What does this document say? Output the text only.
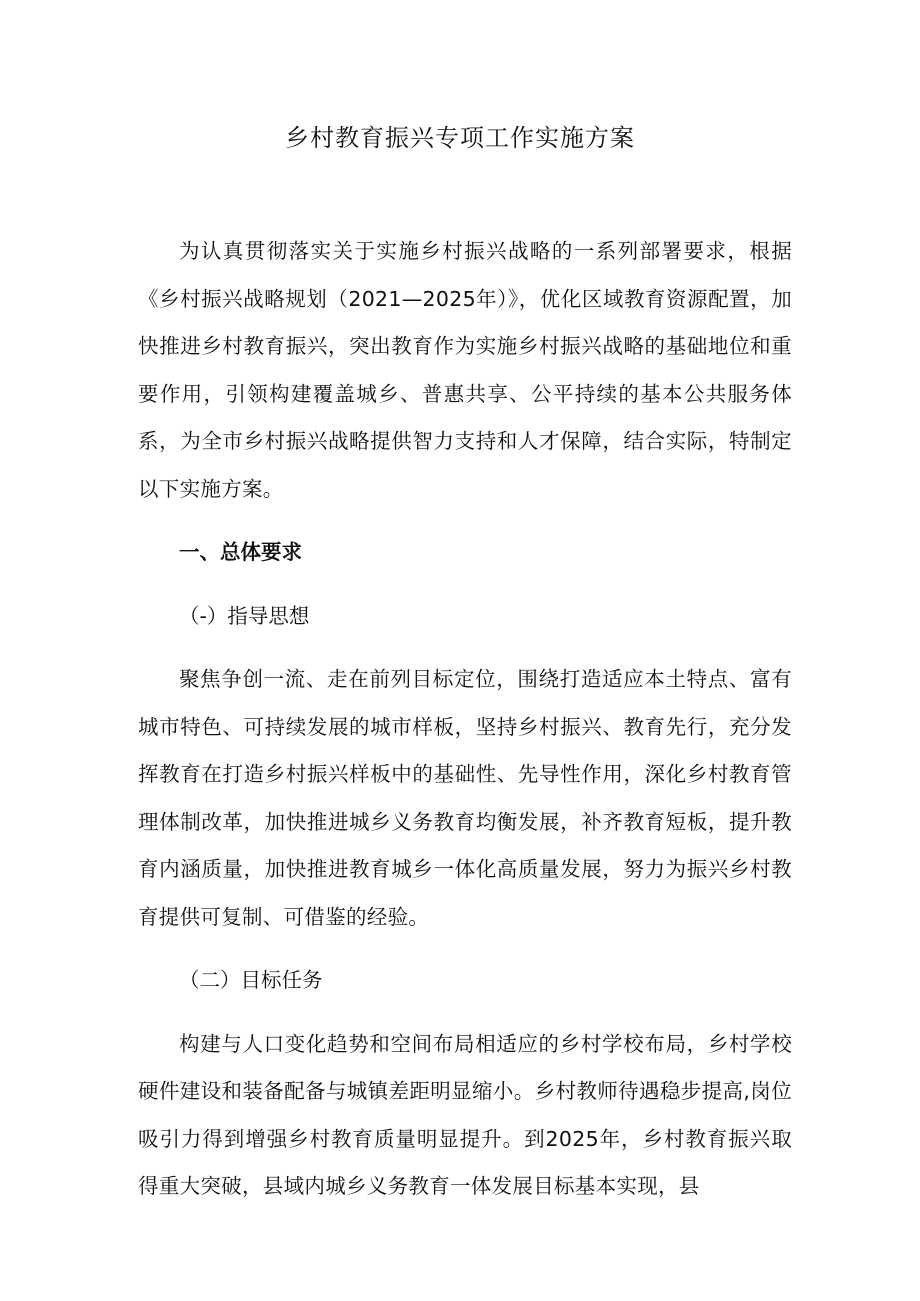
乡村教育振兴专项工作实施方案

为认真贯彻落实关于实施乡村振兴战略的一系列部署要求，根据《乡村振兴战略规划（2021—2025年）》，优化区域教育资源配置，加快推进乡村教育振兴，突出教育作为实施乡村振兴战略的基础地位和重要作用，引领构建覆盖城乡、普惠共享、公平持续的基本公共服务体系，为全市乡村振兴战略提供智力支持和人才保障，结合实际，特制定以下实施方案。

一、总体要求

（-）指导思想

聚焦争创一流、走在前列目标定位，围绕打造适应本土特点、富有城市特色、可持续发展的城市样板，坚持乡村振兴、教育先行，充分发挥教育在打造乡村振兴样板中的基础性、先导性作用，深化乡村教育管理体制改革，加快推进城乡义务教育均衡发展，补齐教育短板，提升教育内涵质量，加快推进教育城乡一体化高质量发展，努力为振兴乡村教育提供可复制、可借鉴的经验。

（二）目标任务

构建与人口变化趋势和空间布局相适应的乡村学校布局，乡村学校硬件建设和装备配备与城镇差距明显缩小。乡村教师待遇稳步提高,岗位吸引力得到增强乡村教育质量明显提升。到2025年，乡村教育振兴取得重大突破，县域内城乡义务教育一体发展目标基本实现，县
